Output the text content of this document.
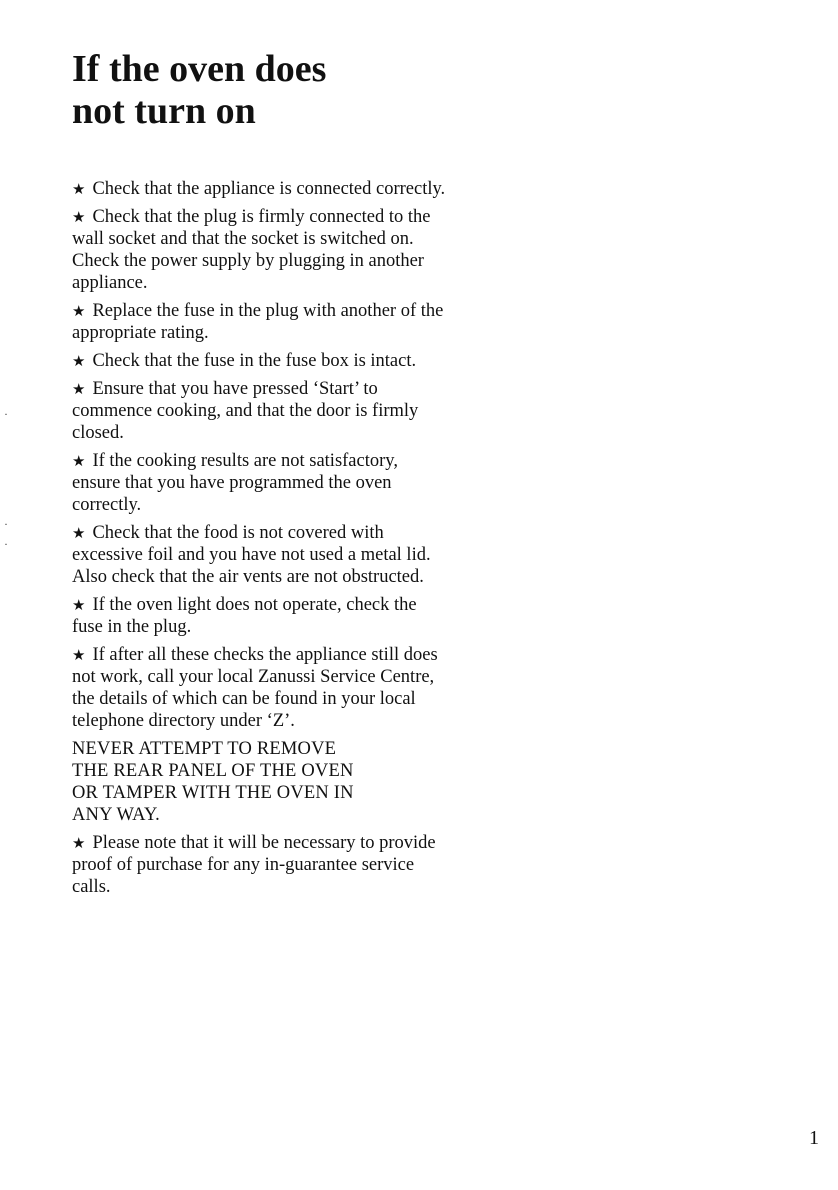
If the oven does
not turn on

★ Check that the appliance is connected correctly.

★ Check that the plug is firmly connected to the wall socket and that the socket is switched on. Check the power supply by plugging in another appliance.

★ Replace the fuse in the plug with another of the appropriate rating.

★ Check that the fuse in the fuse box is intact.

★ Ensure that you have pressed ‘Start’ to commence cooking, and that the door is firmly closed.

★ If the cooking results are not satisfactory, ensure that you have programmed the oven correctly.

★ Check that the food is not covered with excessive foil and you have not used a metal lid. Also check that the air vents are not obstructed.

★ If the oven light does not operate, check the fuse in the plug.

★ If after all these checks the appliance still does not work, call your local Zanussi Service Centre, the details of which can be found in your local telephone directory under ‘Z’.

NEVER ATTEMPT TO REMOVE
THE REAR PANEL OF THE OVEN
OR TAMPER WITH THE OVEN IN
ANY WAY.

★ Please note that it will be necessary to provide proof of purchase for any in-guarantee service calls.

·
·
·
1
